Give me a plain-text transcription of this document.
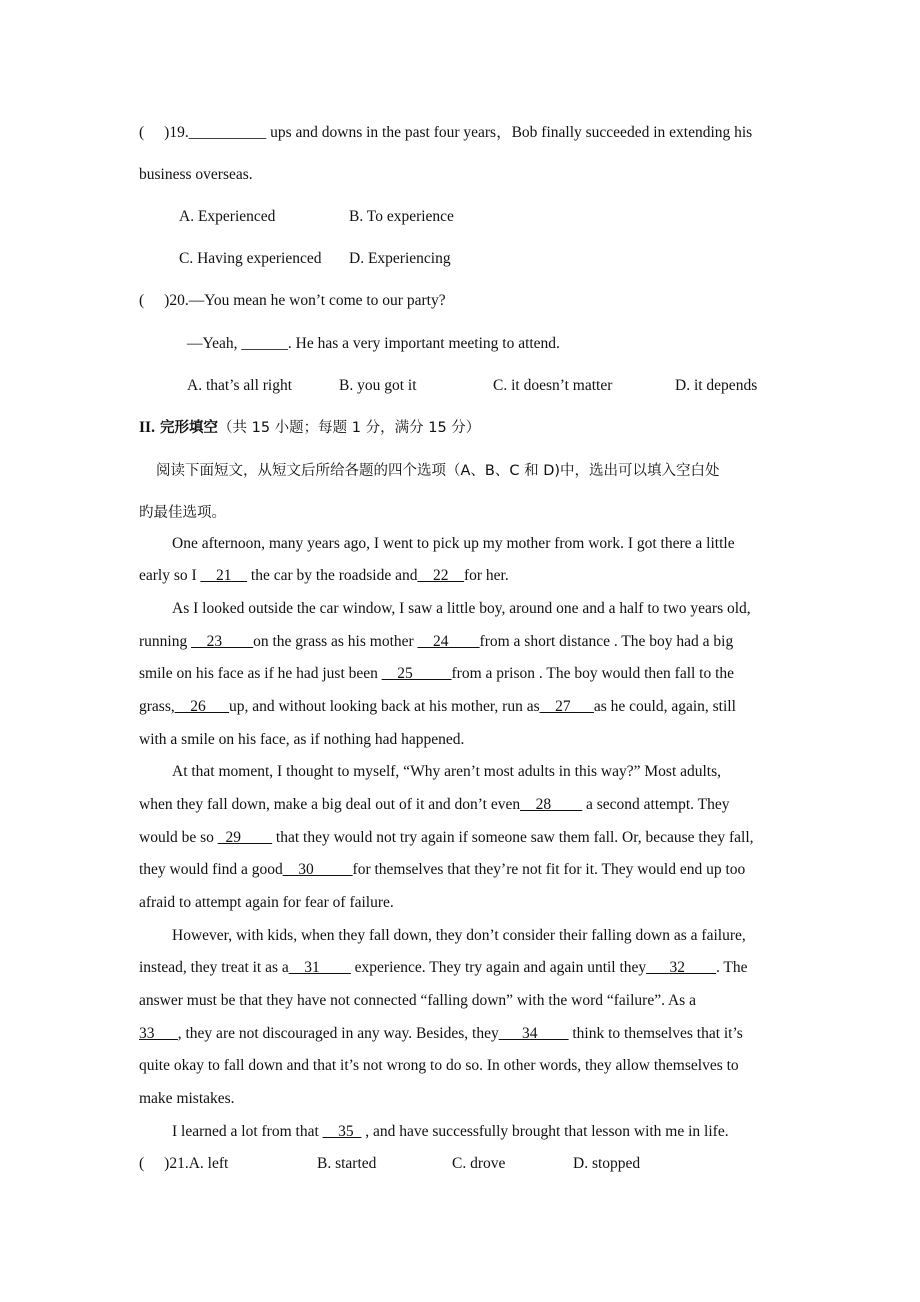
( )19.__________ ups and downs in the past four years，Bob finally succeeded in extending his
business overseas.
A. Experienced	B. To experience
C. Having experienced D. Experiencing
( )20.—You mean he won’t come to our party?
—Yeah, ______. He has a very important meeting to attend.
A. that’s all right	B. you got it	C. it doesn’t matter	D. it depends
II. 完形填空（共 15 小题；每题 1 分，满分 15 分）
阅读下面短文，从短文后所给各题的四个选项（A、B、C 和 D)中，选出可以填入空白处
旳最佳选项。
One afternoon, many years ago, I went to pick up my mother from work. I got there a little
early so I __21__ the car by the roadside and__22__for her.
As I looked outside the car window, I saw a little boy, around one and a half to two years old,
running __23____on the grass as his mother __24____from a short distance . The boy had a big
smile on his face as if he had just been __25_____from a prison . The boy would then fall to the
grass,__26___up, and without looking back at his mother, run as__27___as he could, again, still
with a smile on his face, as if nothing had happened.
At that moment, I thought to myself, “Why aren’t most adults in this way?” Most adults,
when they fall down, make a big deal out of it and don’t even__28____ a second attempt. They
would be so _29____ that they would not try again if someone saw them fall. Or, because they fall,
they would find a good__30_____for themselves that they’re not fit for it. They would end up too
afraid to attempt again for fear of failure.
However, with kids, when they fall down, they don’t consider their falling down as a failure,
instead, they treat it as a__31____ experience. They try again and again until they___32____. The
answer must be that they have not connected “falling down” with the word “failure”. As a
33___, they are not discouraged in any way. Besides, they___34____ think to themselves that it’s
quite okay to fall down and that it’s not wrong to do so. In other words, they allow themselves to
make mistakes.
I learned a lot from that __35_ , and have successfully brought that lesson with me in life.
( )21.A. left	B. started	C. drove	D. stopped
